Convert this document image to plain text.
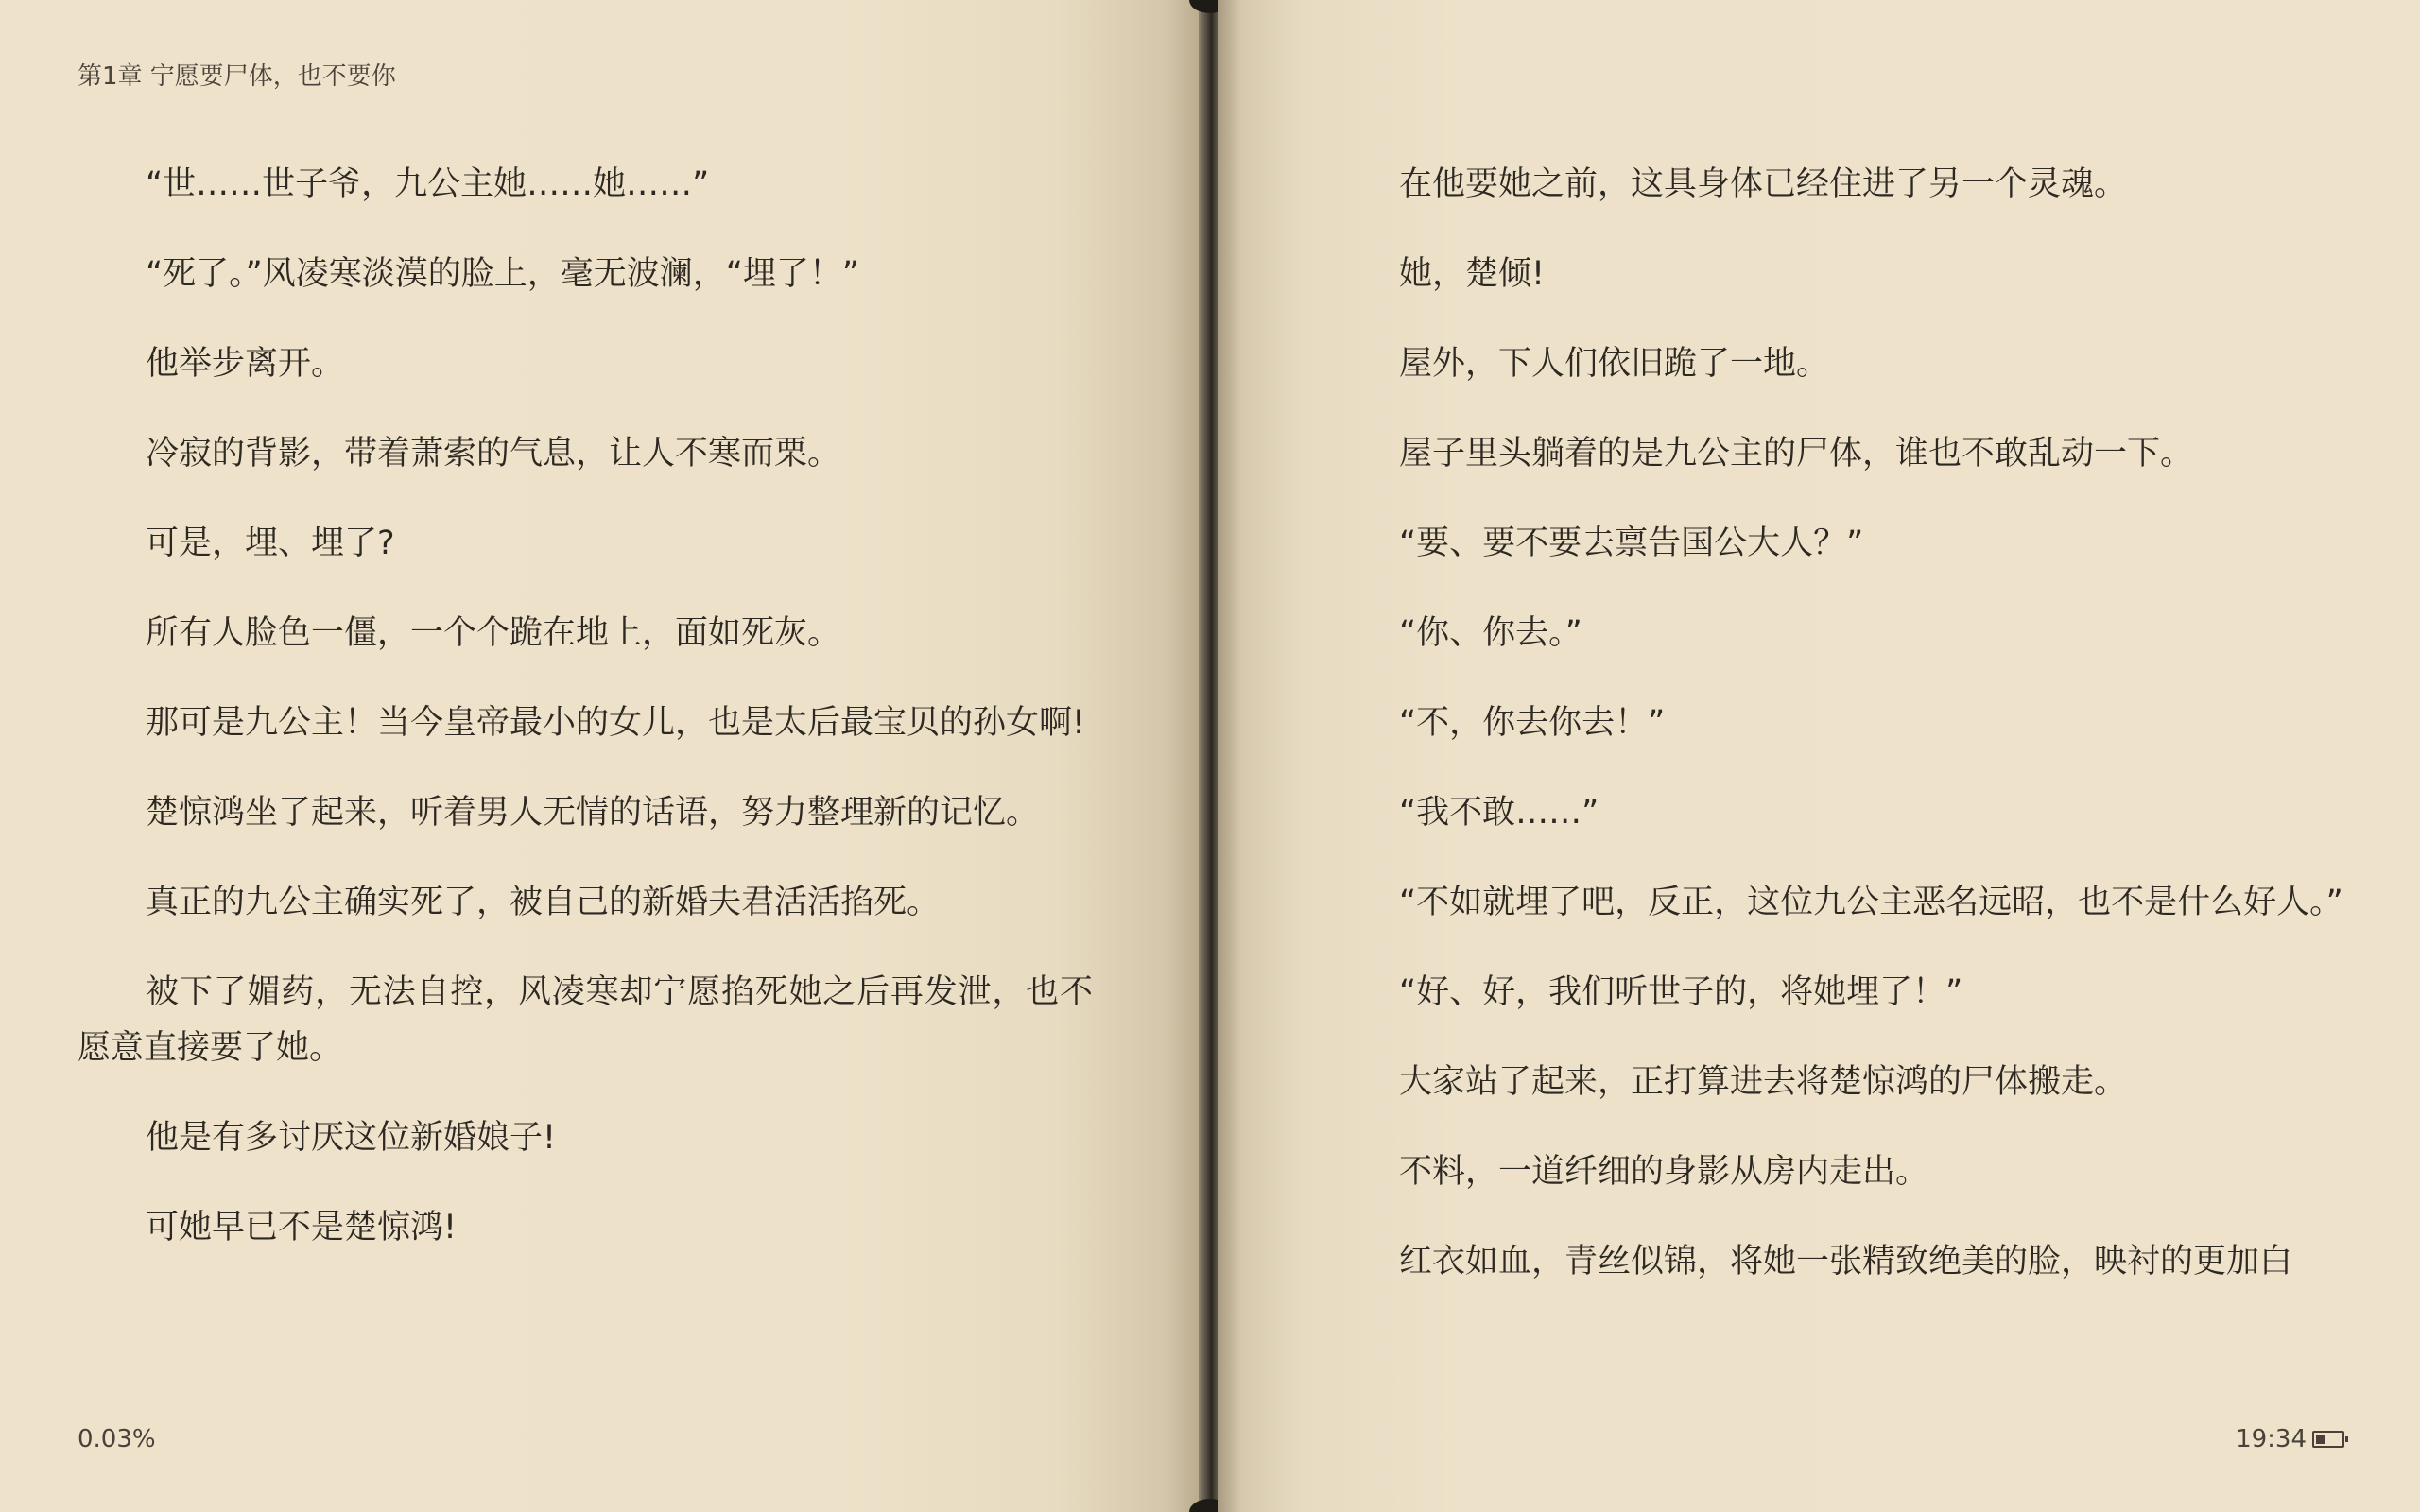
第1章 宁愿要尸体，也不要你

“世……世子爷，九公主她……她……”

“死了。”风凌寒淡漠的脸上，毫无波澜，“埋了！”

他举步离开。

冷寂的背影，带着萧索的气息，让人不寒而栗。

可是，埋、埋了?

所有人脸色一僵，一个个跪在地上，面如死灰。

那可是九公主！当今皇帝最小的女儿，也是太后最宝贝的孙女啊!

楚惊鸿坐了起来，听着男人无情的话语，努力整理新的记忆。

真正的九公主确实死了，被自己的新婚夫君活活掐死。

被下了媚药，无法自控，风凌寒却宁愿掐死她之后再发泄，也不愿意直接要了她。

他是有多讨厌这位新婚娘子!

可她早已不是楚惊鸿!

0.03%

在他要她之前，这具身体已经住进了另一个灵魂。

她，楚倾!

屋外，下人们依旧跪了一地。

屋子里头躺着的是九公主的尸体，谁也不敢乱动一下。

“要、要不要去禀告国公大人？”

“你、你去。”

“不，你去你去！”

“我不敢……”

“不如就埋了吧，反正，这位九公主恶名远昭，也不是什么好人。”

“好、好，我们听世子的，将她埋了！”

大家站了起来，正打算进去将楚惊鸿的尸体搬走。

不料，一道纤细的身影从房内走出。

红衣如血，青丝似锦，将她一张精致绝美的脸，映衬的更加白

19:34
